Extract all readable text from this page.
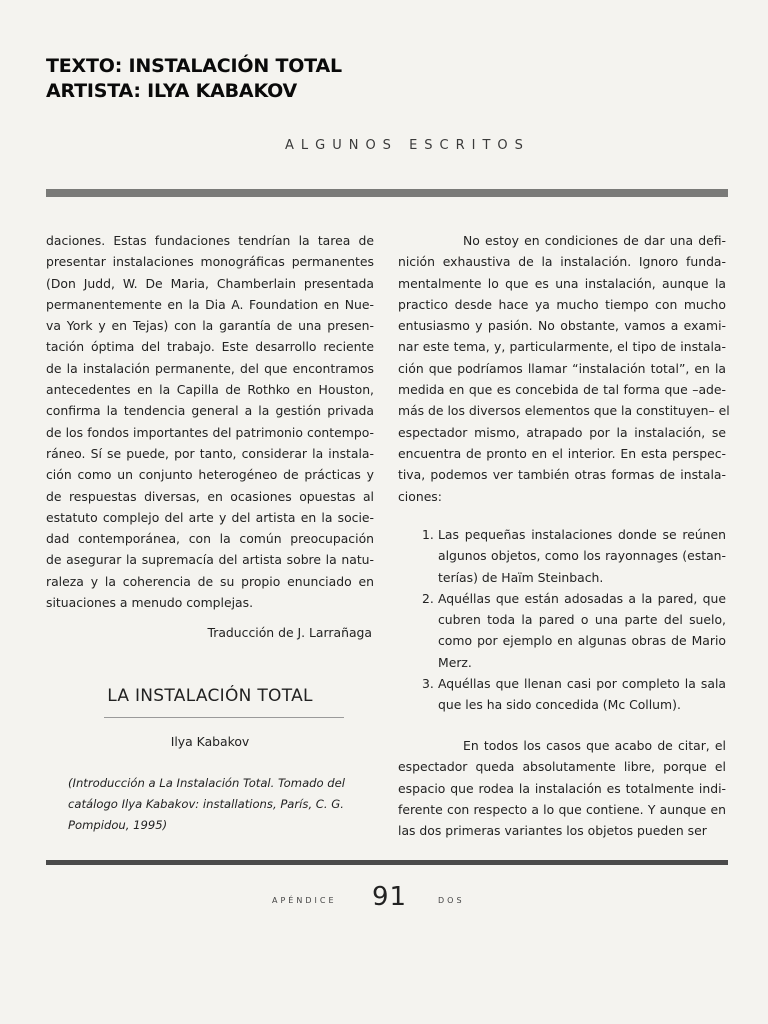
TEXTO: INSTALACIÓN TOTAL
ARTISTA: ILYA KABAKOV
ALGUNOS ESCRITOS
daciones. Estas fundaciones tendrían la tarea de
presentar instalaciones monográficas permanentes
(Don Judd, W. De Maria, Chamberlain presentada
permanentemente en la Dia A. Foundation en Nue-
va York y en Tejas) con la garantía de una presen-
tación óptima del trabajo. Este desarrollo reciente
de la instalación permanente, del que encontramos
antecedentes en la Capilla de Rothko en Houston,
confirma la tendencia general a la gestión privada
de los fondos importantes del patrimonio contempo-
ráneo. Sí se puede, por tanto, considerar la instala-
ción como un conjunto heterogéneo de prácticas y
de respuestas diversas, en ocasiones opuestas al
estatuto complejo del arte y del artista en la socie-
dad contemporánea, con la común preocupación
de asegurar la supremacía del artista sobre la natu-
raleza y la coherencia de su propio enunciado en
situaciones a menudo complejas.
Traducción de J. Larrañaga
LA INSTALACIÓN TOTAL
Ilya Kabakov
(Introducción a La Instalación Total. Tomado del
catálogo Ilya Kabakov: installations, París, C. G.
Pompidou, 1995)
No estoy en condiciones de dar una defi-
nición exhaustiva de la instalación. Ignoro funda-
mentalmente lo que es una instalación, aunque la
practico desde hace ya mucho tiempo con mucho
entusiasmo y pasión. No obstante, vamos a exami-
nar este tema, y, particularmente, el tipo de instala-
ción que podríamos llamar “instalación total”, en la
medida en que es concebida de tal forma que –ade-
más de los diversos elementos que la constituyen– el
espectador mismo, atrapado por la instalación, se
encuentra de pronto en el interior. En esta perspec-
tiva, podemos ver también otras formas de instala-
ciones:
1. Las pequeñas instalaciones donde se reúnen
algunos objetos, como los rayonnages (estan-
terías) de Haïm Steinbach.
2. Aquéllas que están adosadas a la pared, que
cubren toda la pared o una parte del suelo,
como por ejemplo en algunas obras de Mario
Merz.
3. Aquéllas que llenan casi por completo la sala
que les ha sido concedida (Mc Collum).
En todos los casos que acabo de citar, el
espectador queda absolutamente libre, porque el
espacio que rodea la instalación es totalmente indi-
ferente con respecto a lo que contiene. Y aunque en
las dos primeras variantes los objetos pueden ser
APÉNDICE 91	DOS
